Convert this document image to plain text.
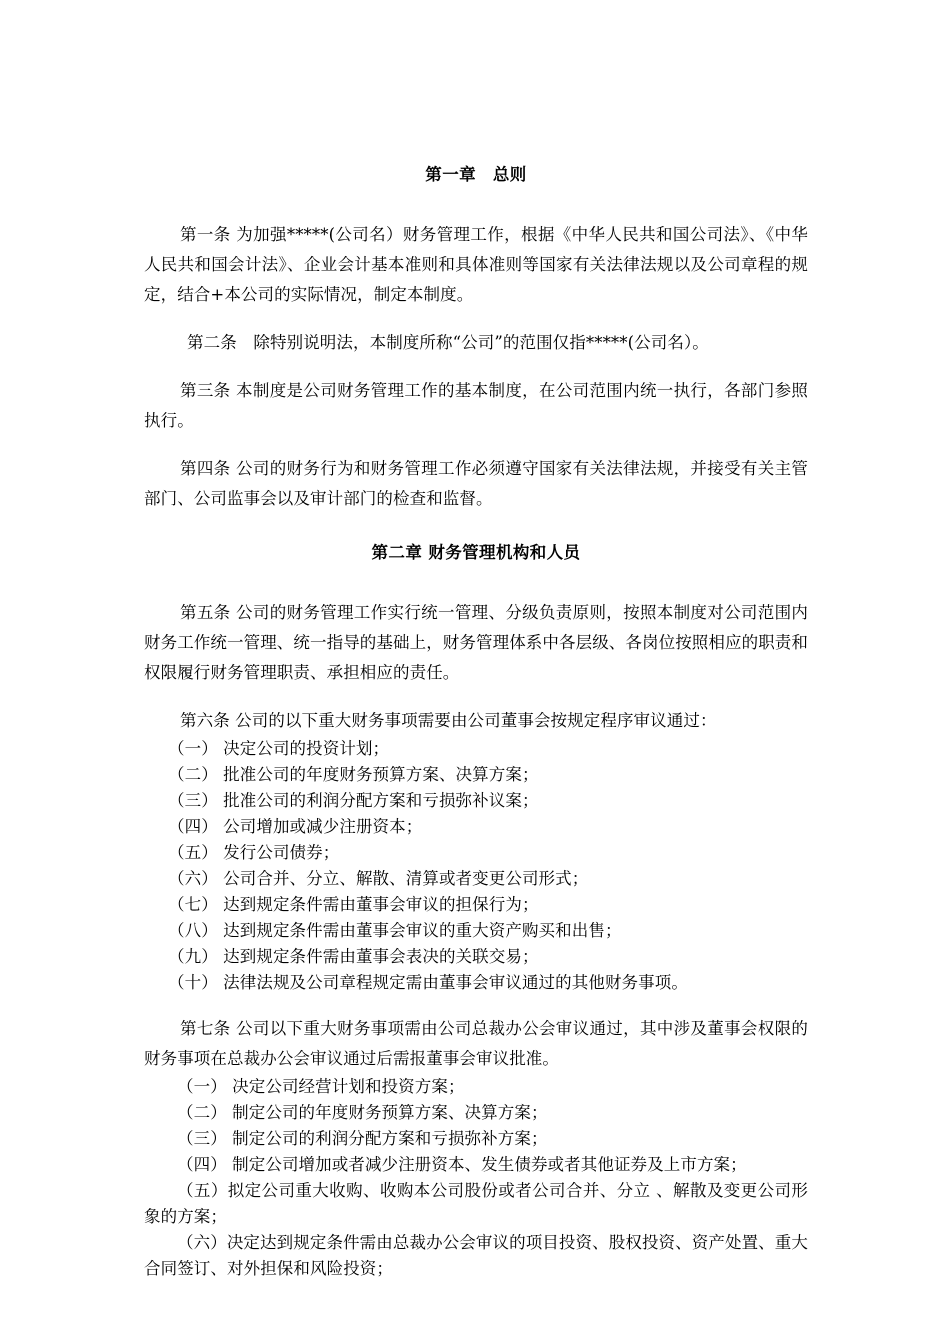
第一章　总则

第一条 为加强*****(公司名）财务管理工作，根据《中华人民共和国公司法》、《中华人民共和国会计法》、企业会计基本准则和具体准则等国家有关法律法规以及公司章程的规定，结合+本公司的实际情况，制定本制度。

第二条　除特别说明法，本制度所称“公司”的范围仅指*****(公司名）。

第三条 本制度是公司财务管理工作的基本制度，在公司范围内统一执行，各部门参照执行。

第四条 公司的财务行为和财务管理工作必须遵守国家有关法律法规，并接受有关主管部门、公司监事会以及审计部门的检查和监督。

第二章 财务管理机构和人员

第五条 公司的财务管理工作实行统一管理、分级负责原则，按照本制度对公司范围内财务工作统一管理、统一指导的基础上，财务管理体系中各层级、各岗位按照相应的职责和权限履行财务管理职责、承担相应的责任。

第六条 公司的以下重大财务事项需要由公司董事会按规定程序审议通过：

（一） 决定公司的投资计划；
（二） 批准公司的年度财务预算方案、决算方案；
（三） 批准公司的利润分配方案和亏损弥补议案；
（四） 公司增加或减少注册资本；
（五） 发行公司债券；
（六） 公司合并、分立、解散、清算或者变更公司形式；
（七） 达到规定条件需由董事会审议的担保行为；
（八） 达到规定条件需由董事会审议的重大资产购买和出售；
（九） 达到规定条件需由董事会表决的关联交易；
（十） 法律法规及公司章程规定需由董事会审议通过的其他财务事项。

第七条 公司以下重大财务事项需由公司总裁办公会审议通过，其中涉及董事会权限的财务事项在总裁办公会审议通过后需报董事会审议批准。

（一） 决定公司经营计划和投资方案；
（二） 制定公司的年度财务预算方案、决算方案；
（三） 制定公司的利润分配方案和亏损弥补方案；
（四） 制定公司增加或者减少注册资本、发生债券或者其他证券及上市方案；
（五）拟定公司重大收购、收购本公司股份或者公司合并、分立 、解散及变更公司形象的方案；
（六）决定达到规定条件需由总裁办公会审议的项目投资、股权投资、资产处置、重大合同签订、对外担保和风险投资；
